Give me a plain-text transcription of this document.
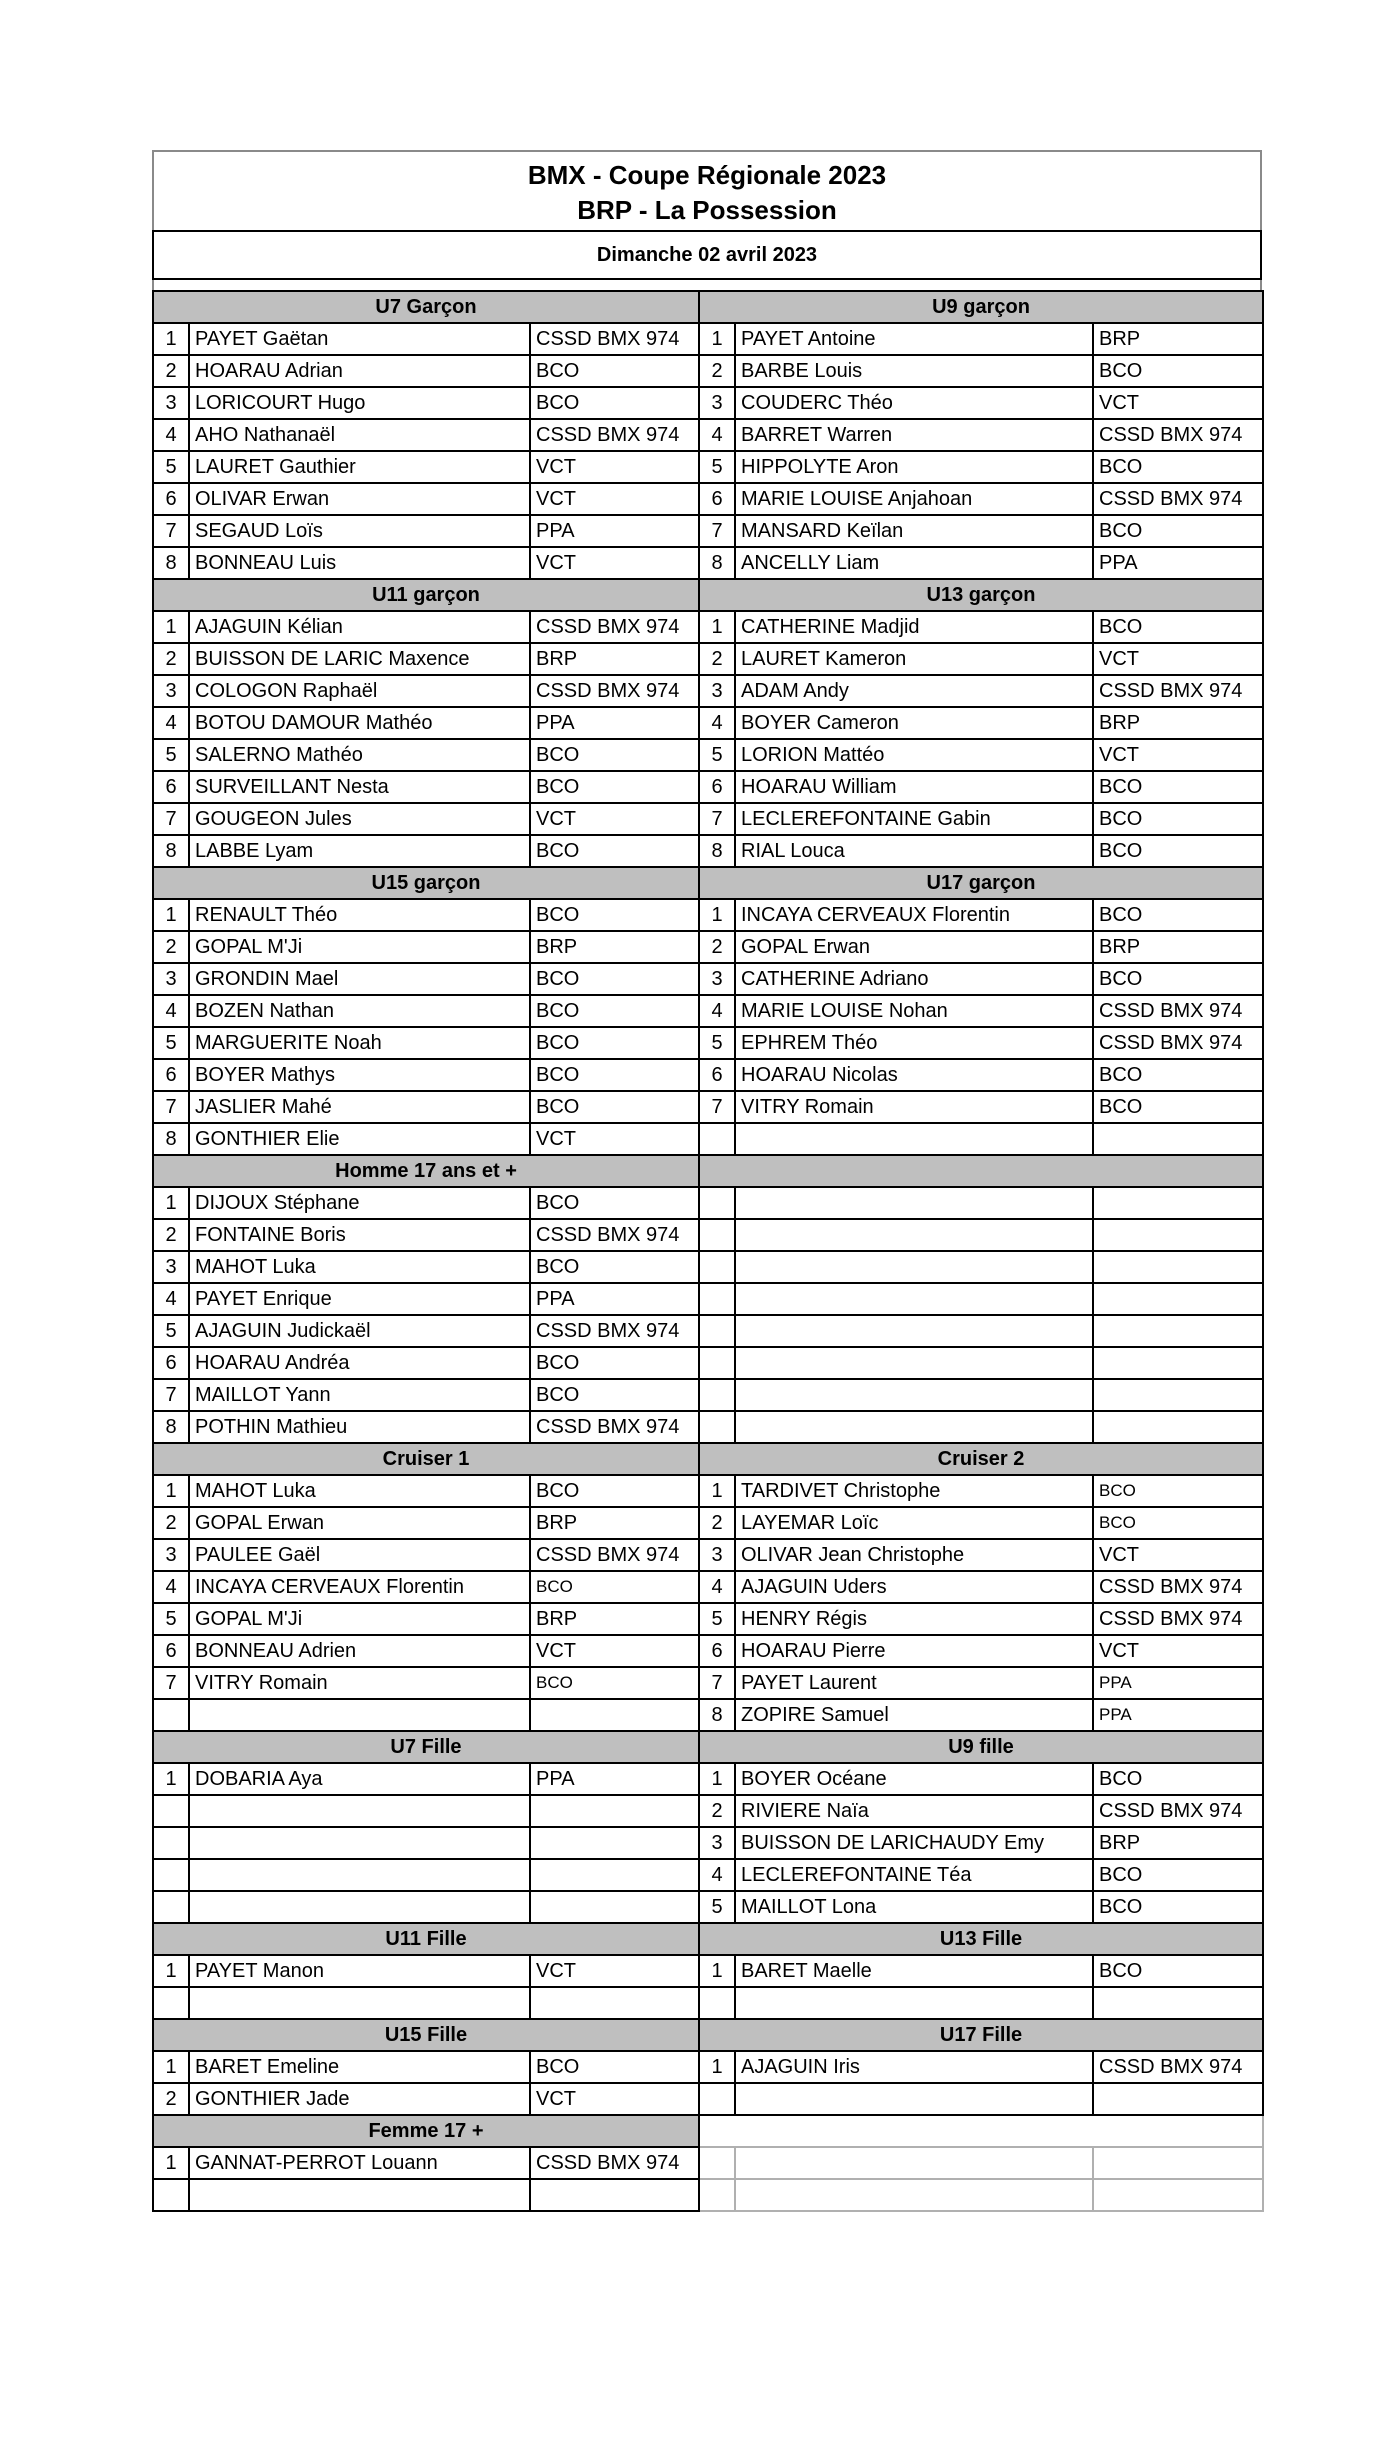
BMX - Coupe Régionale 2023
BRP - La Possession
Dimanche 02 avril 2023
U7 Garçon			U9 garçon		
1	PAYET Gaëtan	CSSD BMX 974	1	PAYET Antoine	BRP
2	HOARAU Adrian	BCO	2	BARBE Louis	BCO
3	LORICOURT Hugo	BCO	3	COUDERC Théo	VCT
4	AHO Nathanaël	CSSD BMX 974	4	BARRET Warren	CSSD BMX 974
5	LAURET Gauthier	VCT	5	HIPPOLYTE Aron	BCO
6	OLIVAR Erwan	VCT	6	MARIE LOUISE Anjahoan	CSSD BMX 974
7	SEGAUD Loïs	PPA	7	MANSARD Keïlan	BCO
8	BONNEAU Luis	VCT	8	ANCELLY Liam	PPA
U11 garçon			U13 garçon		
1	AJAGUIN Kélian	CSSD BMX 974	1	CATHERINE Madjid	BCO
2	BUISSON DE LARIC Maxence	BRP	2	LAURET Kameron	VCT
3	COLOGON Raphaël	CSSD BMX 974	3	ADAM Andy	CSSD BMX 974
4	BOTOU DAMOUR Mathéo	PPA	4	BOYER Cameron	BRP
5	SALERNO Mathéo	BCO	5	LORION Mattéo	VCT
6	SURVEILLANT Nesta	BCO	6	HOARAU William	BCO
7	GOUGEON Jules	VCT	7	LECLEREFONTAINE Gabin	BCO
8	LABBE Lyam	BCO	8	RIAL Louca	BCO
U15 garçon			U17 garçon		
1	RENAULT Théo	BCO	1	INCAYA CERVEAUX Florentin	BCO
2	GOPAL M'Ji	BRP	2	GOPAL Erwan	BRP
3	GRONDIN Mael	BCO	3	CATHERINE Adriano	BCO
4	BOZEN Nathan	BCO	4	MARIE LOUISE Nohan	CSSD BMX 974
5	MARGUERITE Noah	BCO	5	EPHREM Théo	CSSD BMX 974
6	BOYER Mathys	BCO	6	HOARAU Nicolas	BCO
7	JASLIER Mahé	BCO	7	VITRY Romain	BCO
8	GONTHIER Elie	VCT			
Homme 17 ans et +					
1	DIJOUX Stéphane	BCO			
2	FONTAINE Boris	CSSD BMX 974			
3	MAHOT Luka	BCO			
4	PAYET Enrique	PPA			
5	AJAGUIN Judickaël	CSSD BMX 974			
6	HOARAU Andréa	BCO			
7	MAILLOT Yann	BCO			
8	POTHIN Mathieu	CSSD BMX 974			
Cruiser 1			Cruiser 2		
1	MAHOT Luka	BCO	1	TARDIVET Christophe	BCO
2	GOPAL Erwan	BRP	2	LAYEMAR Loïc	BCO
3	PAULEE Gaël	CSSD BMX 974	3	OLIVAR Jean Christophe	VCT
4	INCAYA CERVEAUX Florentin	BCO	4	AJAGUIN Uders	CSSD BMX 974
5	GOPAL M'Ji	BRP	5	HENRY Régis	CSSD BMX 974
6	BONNEAU Adrien	VCT	6	HOARAU Pierre	VCT
7	VITRY Romain	BCO	7	PAYET Laurent	PPA
			8	ZOPIRE Samuel	PPA
U7 Fille			U9 fille		
1	DOBARIA Aya	PPA	1	BOYER Océane	BCO
			2	RIVIERE Naïa	CSSD BMX 974
			3	BUISSON DE LARICHAUDY Emy	BRP
			4	LECLEREFONTAINE Téa	BCO
			5	MAILLOT Lona	BCO
U11 Fille			U13 Fille		
1	PAYET Manon	VCT	1	BARET Maelle	BCO

U15 Fille			U17 Fille		
1	BARET Emeline	BCO	1	AJAGUIN Iris	CSSD BMX 974
2	GONTHIER Jade	VCT			
Femme 17 +					
1	GANNAT-PERROT Louann	CSSD BMX 974			
